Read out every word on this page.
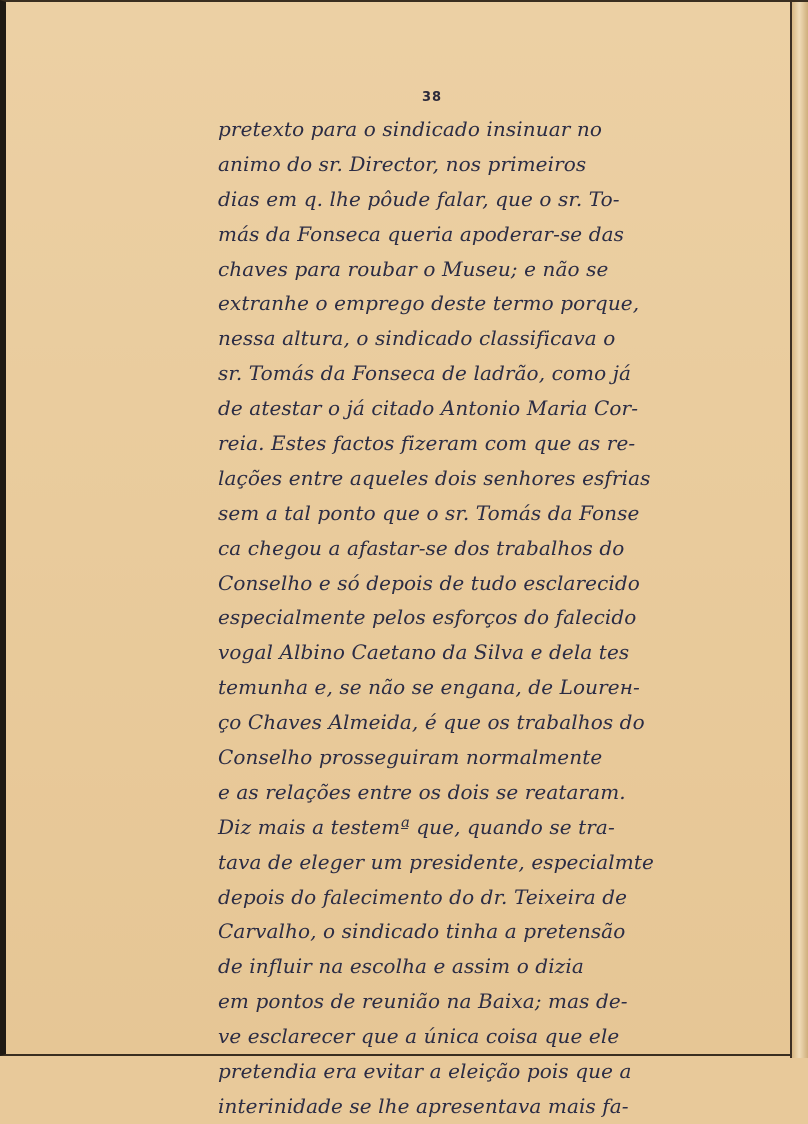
38
pretexto para o sindicado insinuar no
animo do sr. Director, nos primeiros
dias em q. lhe pôude falar, que o sr. To-
más da Fonseca queria apoderar-se das
chaves para roubar o Museu; e não se
extranhe o emprego deste termo porque,
nessa altura, o sindicado classificava o
sr. Tomás da Fonseca de ladrão, como já
de atestar o já citado Antonio Maria Cor-
reia. Estes factos fizeram com que as re-
lações entre aqueles dois senhores esfrias
sem a tal ponto que o sr. Tomás da Fonse
ca chegou a afastar-se dos trabalhos do
Conselho e só depois de tudo esclarecido
especialmente pelos esforços do falecido
vogal Albino Caetano da Silva e dela tes
temunha e, se não se engana, de Lourен-
ço Chaves Almeida, é que os trabalhos do
Conselho prosseguiram normalmente
e as relações entre os dois se reataram.
Diz mais a testemª que, quando se tra-
tava de eleger um presidente, especialmte
depois do falecimento do dr. Teixeira de
Carvalho, o sindicado tinha a pretensão
de influir na escolha e assim o dizia
em pontos de reunião na Baixa; mas de-
ve esclarecer que a única coisa que ele
pretendia era evitar a eleição pois que a
interinidade se lhe apresentava mais fa-
